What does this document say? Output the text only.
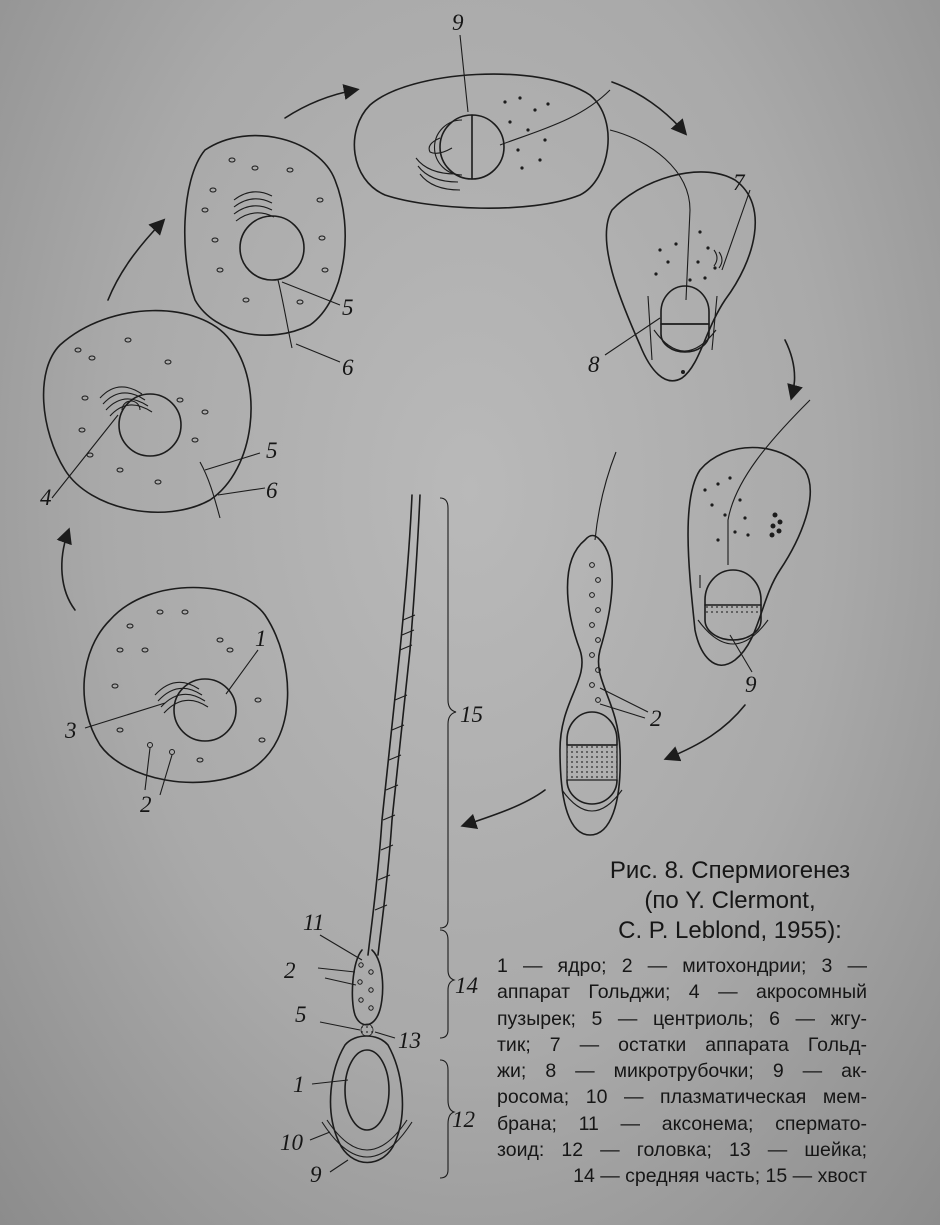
1
2
3
4
5
6
5
6
9
7
8
9
2
15
11
2
14
5
13
1
12
10
9
Рис. 8. Спермиогенез
(по Y. Clermont,
C. P. Leblond, 1955):
1 — ядро; 2 — митохондрии; 3 —
аппарат Гольджи; 4 — акросомный
пузырек; 5 — центриоль; 6 — жгу-
тик; 7 — остатки аппарата Гольд-
жи; 8 — микротрубочки; 9 — ак-
росома; 10 — плазматическая мем-
брана; 11 — аксонема; спермато-
зоид: 12 — головка; 13 — шейка;
14 — средняя часть; 15 — хвост
